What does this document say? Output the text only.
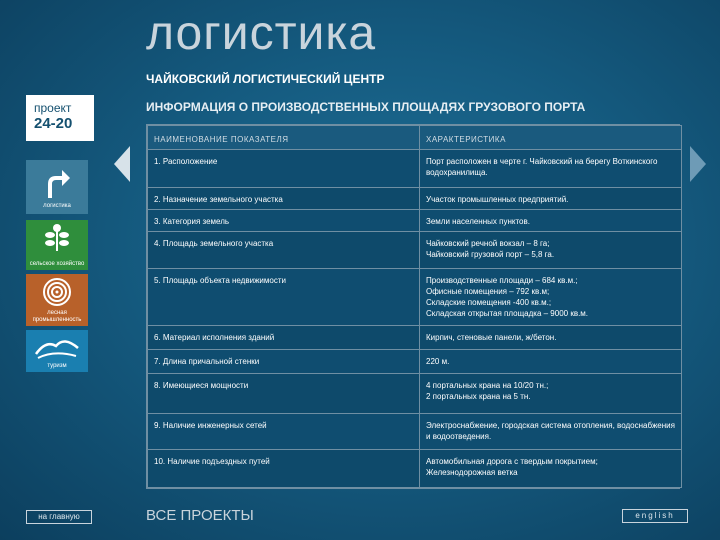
логистика
ЧАЙКОВСКИЙ ЛОГИСТИЧЕСКИЙ ЦЕНТР
ИНФОРМАЦИЯ О ПРОИЗВОДСТВЕННЫХ ПЛОЩАДЯХ ГРУЗОВОГО ПОРТА
проект
24-20
логистика
сельское хозяйство
лесная промышленность
туризм
НАИМЕНОВАНИЕ ПОКАЗАТЕЛЯ	ХАРАКТЕРИСТИКА
1. Расположение	Порт расположен в черте г. Чайковский на берегу Воткинского водохранилища.
2. Назначение земельного участка	Участок промышленных предприятий.
3. Категория земель	Земли населенных пунктов.
4. Площадь земельного участка	Чайковский речной вокзал – 8 га;
Чайковский грузовой порт – 5,8 га.
5. Площадь объекта недвижимости	Производственные площади – 684 кв.м.;
Офисные помещения – 792 кв.м;
Складские помещения -400 кв.м.;
Складская открытая площадка – 9000 кв.м.
6. Материал исполнения зданий	Кирпич, стеновые панели, ж/бетон.
7. Длина причальной стенки	220 м.
8. Имеющиеся мощности	4 портальных крана на 10/20 тн.;
2 портальных крана на 5 тн.
9. Наличие инженерных сетей	Электроснабжение, городская система отопления, водоснабжения и водоотведения.
10. Наличие подъездных путей	Автомобильная дорога с твердым покрытием;
Железнодорожная ветка
на главную	ВСЕ ПРОЕКТЫ	english
